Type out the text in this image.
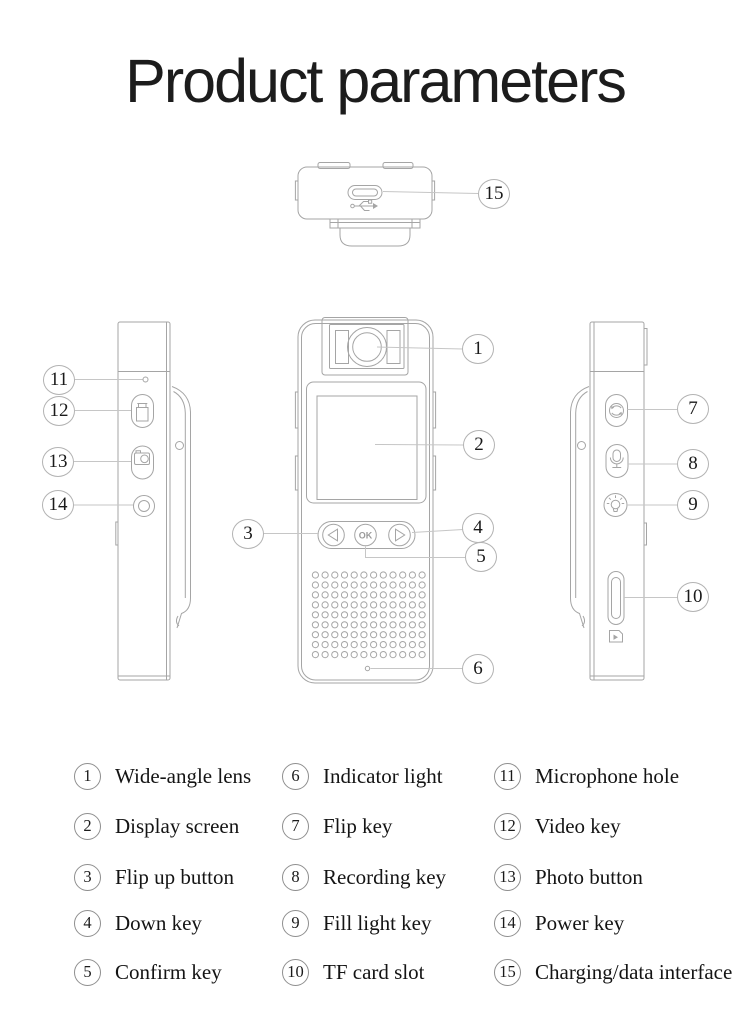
Product parameters
OK
1
2
3	4
5
6
7
8
9
10
11
12
13
14
15
1	Wide-angle lens
2	Display screen
3	Flip up button
4	Down key
5	Confirm key
6	Indicator light
7	Flip key
8	Recording key
9	Fill light key
10 TF card slot
11 Microphone hole
12 Video key
13 Photo button
14 Power key
15 Charging/data interface
